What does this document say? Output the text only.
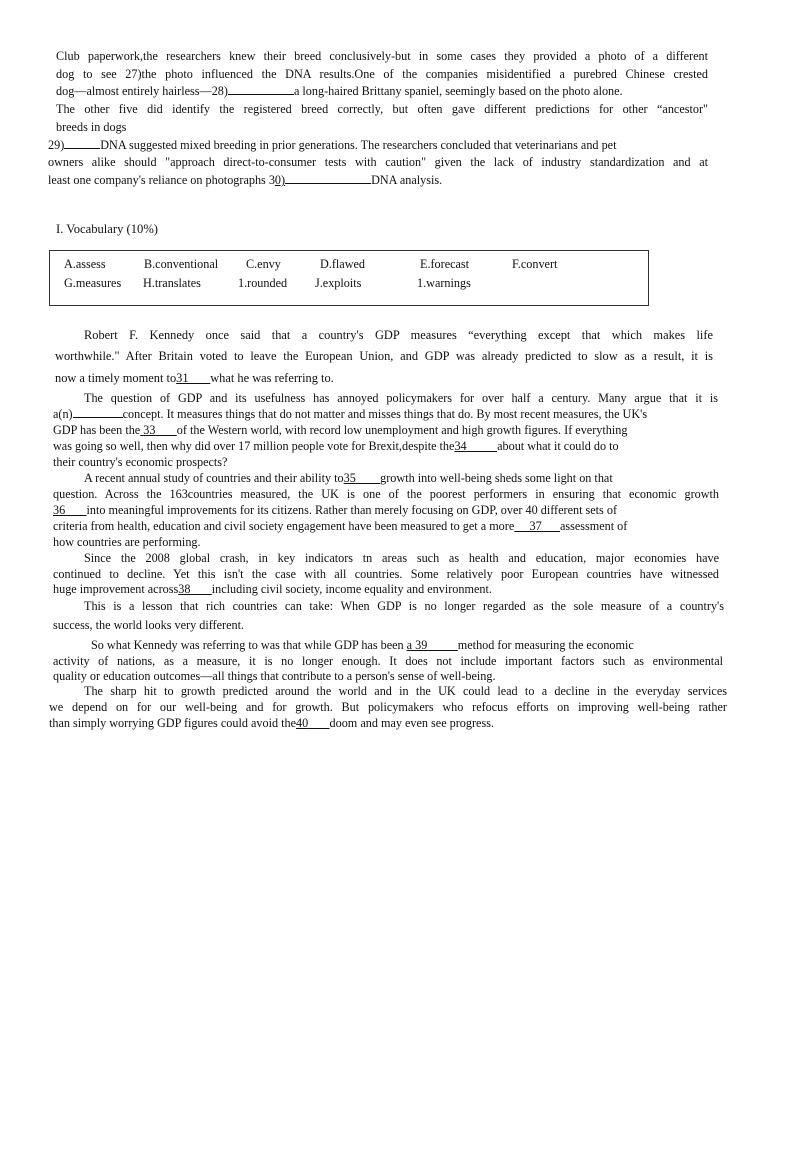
Club paperwork,the researchers knew their breed conclusively-but in some cases they provided a photo of a different
dog to see 27)the photo influenced the DNA results.One of the companies misidentified a purebred Chinese crested
dog—almost entirely hairless—28)	a long-haired Brittany spaniel, seemingly based on the photo alone.
The other five did identify the registered breed correctly, but often gave different predictions for other “ancestor"
breeds in dogs
29)	DNA suggested mixed breeding in prior generations. The researchers concluded that veterinarians and pet
owners alike should "approach direct-to-consumer tests with caution" given the lack of industry standardization and at
least one company's reliance on photographs 30)	DNA analysis.
I. Vocabulary (10%)
A.assess	B.conventional C.envy	D.flawed	E.forecast	F.convert
G.measures H.translates	1.rounded J.exploits	1.warnings
Robert F. Kennedy once said that a country's GDP measures “everything except that which makes life
worthwhile." After Britain voted to leave the European Union, and GDP was already predicted to slow as a result, it is
now a timely moment to31 what he was referring to.
The question of GDP and its usefulness has annoyed policymakers for over half a century. Many argue that it is
a(n)	concept. It measures things that do not matter and misses things that do. By most recent measures, the UK's
GDP has been the 33 of the Western world, with record low unemployment and high growth figures. If everything
was going so well, then why did over 17 million people vote for Brexit,despite the34 about what it could do to
their country's economic prospects?
A recent annual study of countries and their ability to35 growth into well-being sheds some light on that
question. Across the 163countries measured, the UK is one of the poorest performers in ensuring that economic growth
36 into meaningful improvements for its citizens. Rather than merely focusing on GDP, over 40 different sets of
criteria from health, education and civil society engagement have been measured to get a more 37 assessment of
how countries are performing.
Since the 2008 global crash, in key indicators tn areas such as health and education, major economies have
continued to decline. Yet this isn't the case with all countries. Some relatively poor European countries have witnessed
huge improvement across38 including civil society, income equality and environment.
This is a lesson that rich countries can take: When GDP is no longer regarded as the sole measure of a country's
success, the world looks very different.
So what Kennedy was referring to was that while GDP has been a 39 method for measuring the economic
activity of nations, as a measure, it is no longer enough. It does not include important factors such as environmental
quality or education outcomes—all things that contribute to a person's sense of well-being.
The sharp hit to growth predicted around the world and in the UK could lead to a decline in the everyday services
we depend on for our well-being and for growth. But policymakers who refocus efforts on improving well-being rather
than simply worrying GDP figures could avoid the40 doom and may even see progress.
